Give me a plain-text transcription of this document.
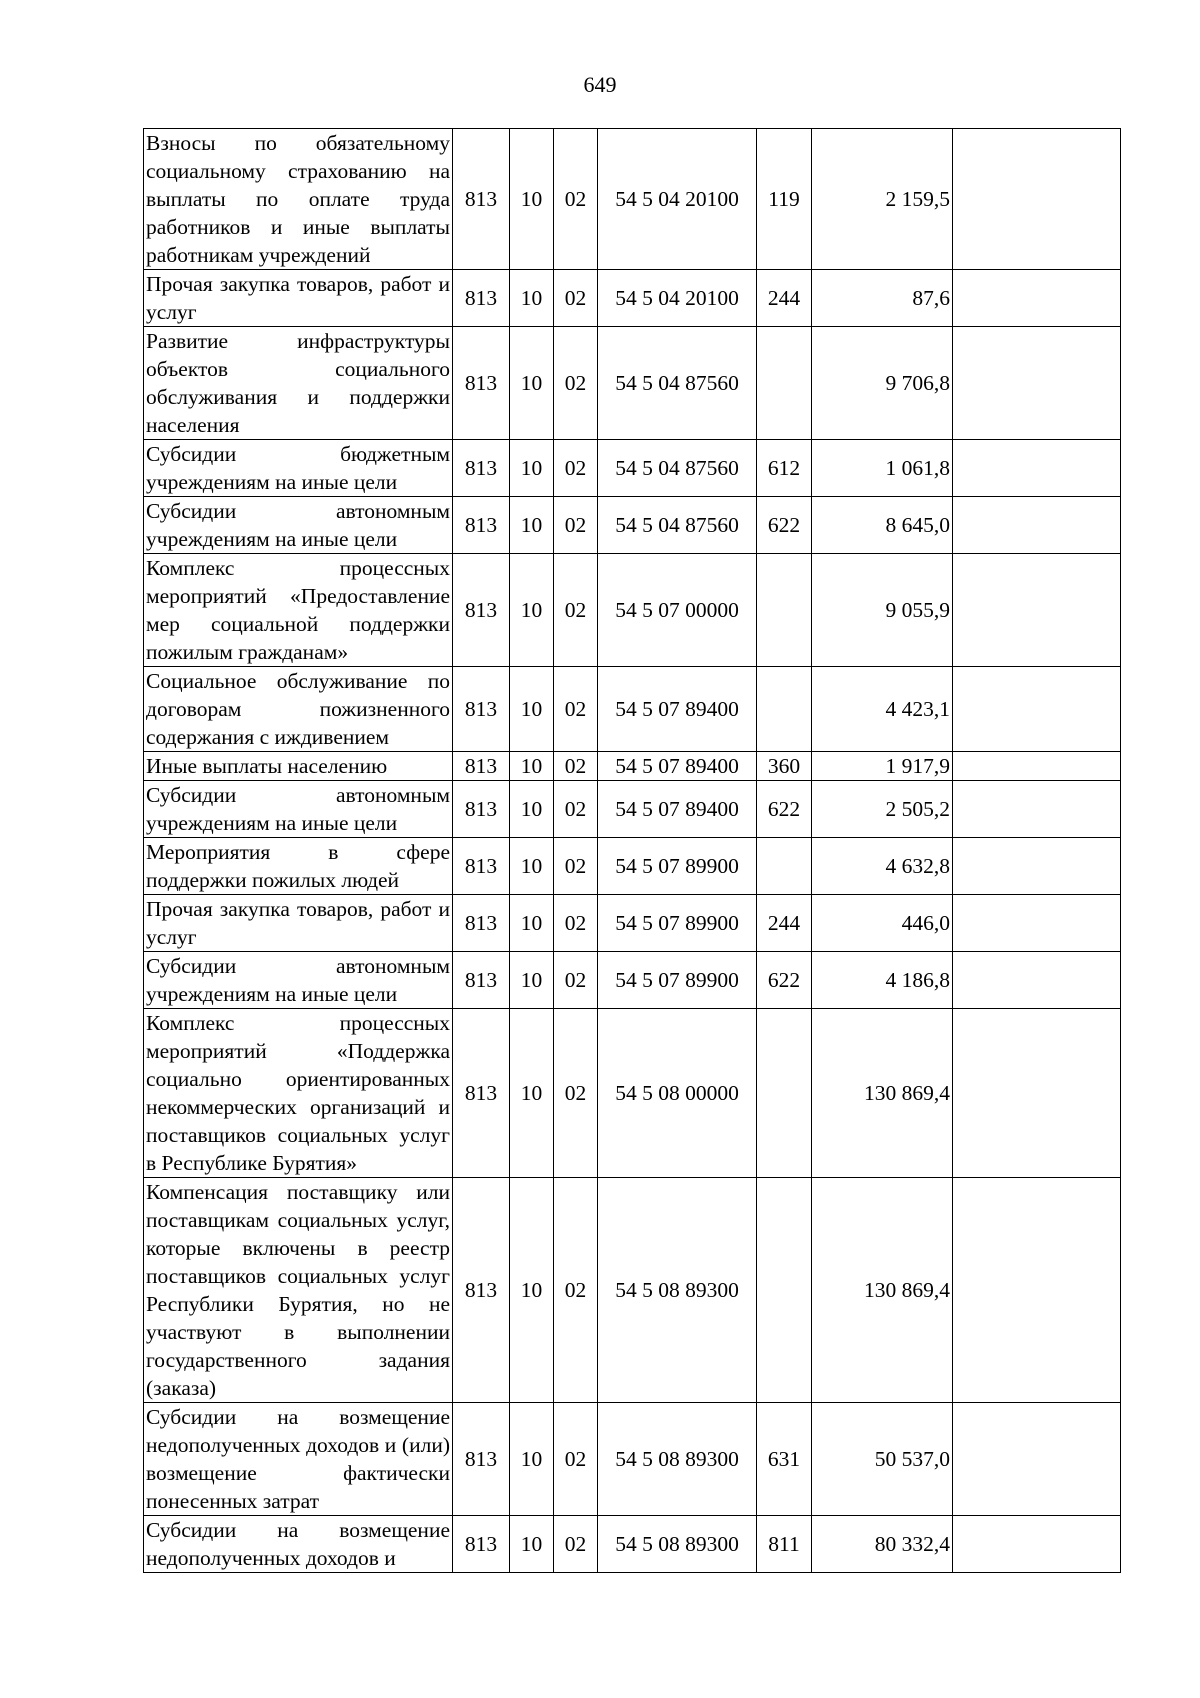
649
Взносы по обязательному социальному страхованию на выплаты по оплате труда работников и иные выплаты работникам учреждений	813	10	02	54 5 04 20100	119	2 159,5	
Прочая закупка товаров, работ и услуг	813	10	02	54 5 04 20100	244	87,6	
Развитие инфраструктуры объектов социального обслуживания и поддержки населения	813	10	02	54 5 04 87560		9 706,8	
Субсидии бюджетным учреждениям на иные цели	813	10	02	54 5 04 87560	612	1 061,8	
Субсидии автономным учреждениям на иные цели	813	10	02	54 5 04 87560	622	8 645,0	
Комплекс процессных мероприятий «Предоставление мер социальной поддержки пожилым гражданам»	813	10	02	54 5 07 00000		9 055,9	
Социальное обслуживание по договорам пожизненного содержания с иждивением	813	10	02	54 5 07 89400		4 423,1	
Иные выплаты населению	813	10	02	54 5 07 89400	360	1 917,9	
Субсидии автономным учреждениям на иные цели	813	10	02	54 5 07 89400	622	2 505,2	
Мероприятия в сфере поддержки пожилых людей	813	10	02	54 5 07 89900		4 632,8	
Прочая закупка товаров, работ и услуг	813	10	02	54 5 07 89900	244	446,0	
Субсидии автономным учреждениям на иные цели	813	10	02	54 5 07 89900	622	4 186,8	
Комплекс процессных мероприятий «Поддержка социально ориентированных некоммерческих организаций и поставщиков социальных услуг в Республике Бурятия»	813	10	02	54 5 08 00000		130 869,4	
Компенсация поставщику или поставщикам социальных услуг, которые включены в реестр поставщиков социальных услуг Республики Бурятия, но не участвуют в выполнении государственного задания (заказа)	813	10	02	54 5 08 89300		130 869,4	
Субсидии на возмещение недополученных доходов и (или) возмещение фактически понесенных затрат	813	10	02	54 5 08 89300	631	50 537,0	
Субсидии на возмещение недополученных доходов и	813	10	02	54 5 08 89300	811	80 332,4	
